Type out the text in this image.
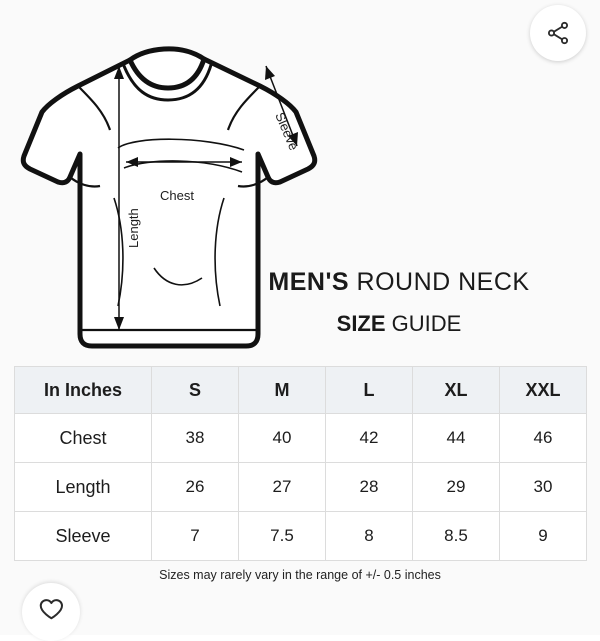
Chest
Length
Sleeve
MEN'S ROUND NECK
SIZE GUIDE
In Inches	S	M	L	XL	XXL
Chest	38	40	42	44	46
Length	26	27	28	29	30
Sleeve	7	7.5	8	8.5	9
Sizes may rarely vary in the range of +/- 0.5 inches
